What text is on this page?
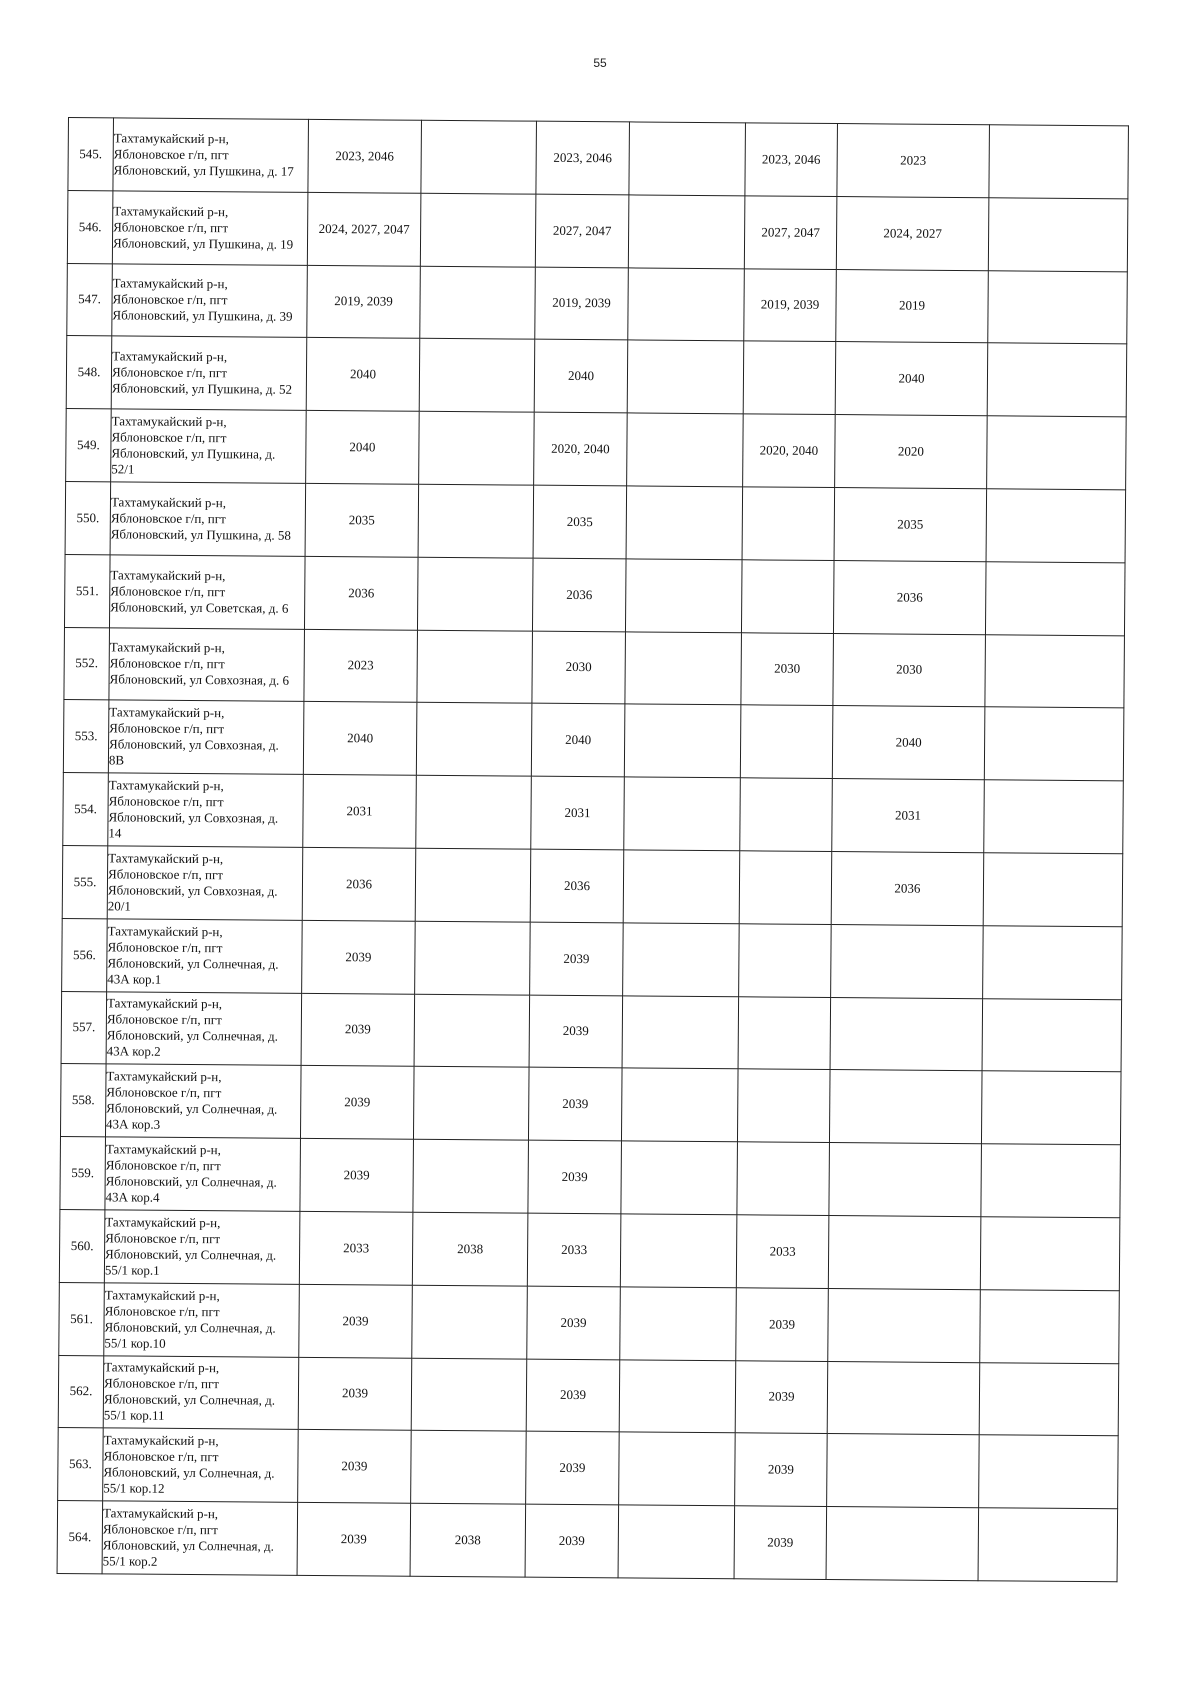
55
545.	Тахтамукайский р-н,
Яблоновское г/п, пгт
Яблоновский, ул Пушкина, д. 17	2023, 2046		2023, 2046		2023, 2046	2023	
546.	Тахтамукайский р-н,
Яблоновское г/п, пгт
Яблоновский, ул Пушкина, д. 19	2024, 2027, 2047		2027, 2047		2027, 2047	2024, 2027	
547.	Тахтамукайский р-н,
Яблоновское г/п, пгт
Яблоновский, ул Пушкина, д. 39	2019, 2039		2019, 2039		2019, 2039	2019	
548.	Тахтамукайский р-н,
Яблоновское г/п, пгт
Яблоновский, ул Пушкина, д. 52	2040		2040			2040	
549.	Тахтамукайский р-н,
Яблоновское г/п, пгт
Яблоновский, ул Пушкина, д.
52/1	2040		2020, 2040		2020, 2040	2020	
550.	Тахтамукайский р-н,
Яблоновское г/п, пгт
Яблоновский, ул Пушкина, д. 58	2035		2035			2035	
551.	Тахтамукайский р-н,
Яблоновское г/п, пгт
Яблоновский, ул Советская, д. 6	2036		2036			2036	
552.	Тахтамукайский р-н,
Яблоновское г/п, пгт
Яблоновский, ул Совхозная, д. 6	2023		2030		2030	2030	
553.	Тахтамукайский р-н,
Яблоновское г/п, пгт
Яблоновский, ул Совхозная, д.
8В	2040		2040			2040	
554.	Тахтамукайский р-н,
Яблоновское г/п, пгт
Яблоновский, ул Совхозная, д.
14	2031		2031			2031	
555.	Тахтамукайский р-н,
Яблоновское г/п, пгт
Яблоновский, ул Совхозная, д.
20/1	2036		2036			2036	
556.	Тахтамукайский р-н,
Яблоновское г/п, пгт
Яблоновский, ул Солнечная, д.
43А кор.1	2039		2039				
557.	Тахтамукайский р-н,
Яблоновское г/п, пгт
Яблоновский, ул Солнечная, д.
43А кор.2	2039		2039				
558.	Тахтамукайский р-н,
Яблоновское г/п, пгт
Яблоновский, ул Солнечная, д.
43А кор.3	2039		2039				
559.	Тахтамукайский р-н,
Яблоновское г/п, пгт
Яблоновский, ул Солнечная, д.
43А кор.4	2039		2039				
560.	Тахтамукайский р-н,
Яблоновское г/п, пгт
Яблоновский, ул Солнечная, д.
55/1 кор.1	2033	2038	2033		2033		
561.	Тахтамукайский р-н,
Яблоновское г/п, пгт
Яблоновский, ул Солнечная, д.
55/1 кор.10	2039		2039		2039		
562.	Тахтамукайский р-н,
Яблоновское г/п, пгт
Яблоновский, ул Солнечная, д.
55/1 кор.11	2039		2039		2039		
563.	Тахтамукайский р-н,
Яблоновское г/п, пгт
Яблоновский, ул Солнечная, д.
55/1 кор.12	2039		2039		2039		
564.	Тахтамукайский р-н,
Яблоновское г/п, пгт
Яблоновский, ул Солнечная, д.
55/1 кор.2	2039	2038	2039		2039		
